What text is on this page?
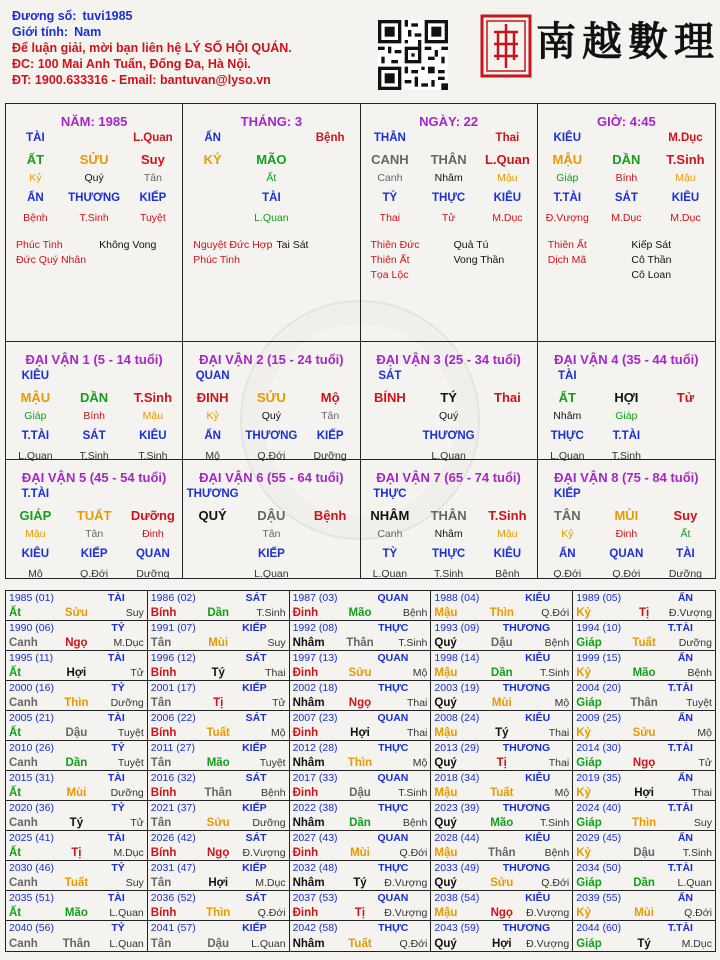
Đương số: tuvi1985
Giới tính: Nam
Để luận giải, mời bạn liên hệ LÝ SỐ HỘI QUÁN.
ĐC: 100 Mai Anh Tuấn, Đống Đa, Hà Nội.
ĐT: 1900.633316 - Email: bantuvan@lyso.vn
南越數理
NĂM: 1985
TÀI	L.Quan
ẤT	SỬU	Suy
Kỷ	Quý	Tân
ẤN	THƯƠNG	KIẾP
Bệnh	T.Sinh	Tuyệt
Phúc Tinh
Đức Quý Nhân
Không Vong
THÁNG: 3
ẤN	Bệnh
KỶ	MÃO
Ất
TÀI
L.Quan
Nguyệt Đức Hợp
Phúc Tinh
Tai Sát
NGÀY: 22
THÂN	Thai
CANH	THÂN	L.Quan
Canh	Nhâm	Mậu
TỲ	THỰC	KIÊU
Thai	Tử	M.Dục
Thiên Đức
Thiên Ất
Tọa Lộc
Quả Tú
Vong Thần
GIỜ: 4:45
KIÊU	M.Dục
MẬU	DẦN	T.Sinh
Giáp	Bính	Mậu
T.TÀI	SÁT	KIÊU
Đ.Vượng	M.Dục	M.Dục
Thiên Ất
Dịch Mã
Kiếp Sát
Cô Thần
Cô Loan
ĐẠI VẬN 1 (5 - 14 tuổi)
KIÊU
MẬU	DẦN	T.Sinh
Giáp	Bính	Mậu
T.TÀI	SÁT	KIÊU
L.Quan	T.Sinh	T.Sinh
ĐẠI VẬN 2 (15 - 24 tuổi)
QUAN
ĐINH	SỬU	Mộ
Kỷ	Quý	Tân
ẤN	THƯƠNG	KIẾP
Mộ	Q.Đới	Dưỡng
ĐẠI VẬN 3 (25 - 34 tuổi)
SÁT
BÍNH	TÝ	Thai
Quý
THƯƠNG
L.Quan
ĐẠI VẬN 4 (35 - 44 tuổi)
TÀI
ẤT	HỢI	Tử
Nhâm	Giáp
THỰC	T.TÀI
L.Quan	T.Sinh
ĐẠI VẬN 5 (45 - 54 tuổi)
T.TÀI
GIÁP	TUẤT	Dưỡng
Mậu	Tân	Đinh
KIÊU	KIẾP	QUAN
Mộ	Q.Đới	Dưỡng
ĐẠI VẬN 6 (55 - 64 tuổi)
THƯƠNG
QUÝ	DẬU	Bệnh
Tân
KIẾP
L.Quan
ĐẠI VẬN 7 (65 - 74 tuổi)
THỰC
NHÂM	THÂN	T.Sinh
Canh	Nhâm	Mậu
TỲ	THỰC	KIÊU
L.Quan	T.Sinh	Bệnh
ĐẠI VẬN 8 (75 - 84 tuổi)
KIẾP
TÂN	MÙI	Suy
Kỷ	Đinh	Ất
ẤN	QUAN	TÀI
Q.Đới	Q.Đới	Dưỡng
1985 (01)	TÀI
Ất	Sửu	Suy
1986 (02)	SÁT
Bính	Dần	T.Sinh
1987 (03)	QUAN
Đinh	Mão	Bệnh
1988 (04)	KIÊU
Mậu	Thìn	Q.Đới
1989 (05)	ẤN
Kỷ	Tị	Đ.Vượng
1990 (06)	TỶ
Canh	Ngọ	M.Dục
1991 (07)	KIẾP
Tân	Mùi	Suy
1992 (08)	THỰC
Nhâm	Thân	T.Sinh
1993 (09) THƯƠNG
Quý	Dậu	Bệnh
1994 (10)	T.TÀI
Giáp	Tuất	Dưỡng
1995 (11)	TÀI
Ất	Hợi	Tử
1996 (12)	SÁT
Bính	Tý	Thai
1997 (13)	QUAN
Đinh	Sửu	Mộ
1998 (14)	KIÊU
Mậu	Dần	T.Sinh
1999 (15)	ẤN
Kỷ	Mão	Bệnh
2000 (16)	TỶ
Canh	Thìn	Dưỡng
2001 (17)	KIẾP
Tân	Tị	Tử
2002 (18)	THỰC
Nhâm	Ngọ	Thai
2003 (19) THƯƠNG
Quý	Mùi	Mộ
2004 (20)	T.TÀI
Giáp	Thân	Tuyệt
2005 (21)	TÀI
Ất	Dậu	Tuyệt
2006 (22)	SÁT
Bính	Tuất	Mộ
2007 (23)	QUAN
Đinh	Hợi	Thai
2008 (24)	KIÊU
Mậu	Tý	Thai
2009 (25)	ẤN
Kỷ	Sửu	Mộ
2010 (26)	TỶ
Canh	Dần	Tuyệt
2011 (27)	KIẾP
Tân	Mão	Tuyệt
2012 (28)	THỰC
Nhâm	Thìn	Mộ
2013 (29) THƯƠNG
Quý	Tị	Thai
2014 (30)	T.TÀI
Giáp	Ngọ	Tử
2015 (31)	TÀI
Ất	Mùi	Dưỡng
2016 (32)	SÁT
Bính	Thân	Bệnh
2017 (33)	QUAN
Đinh	Dậu	T.Sinh
2018 (34)	KIÊU
Mậu	Tuất	Mộ
2019 (35)	ẤN
Kỷ	Hợi	Thai
2020 (36)	TỶ
Canh	Tý	Tử
2021 (37)	KIẾP
Tân	Sửu	Dưỡng
2022 (38)	THỰC
Nhâm	Dần	Bệnh
2023 (39) THƯƠNG
Quý	Mão	T.Sinh
2024 (40)	T.TÀI
Giáp	Thìn	Suy
2025 (41)	TÀI
Ất	Tị	M.Dục
2026 (42)	SÁT
Bính	Ngọ	Đ.Vượng
2027 (43)	QUAN
Đinh	Mùi	Q.Đới
2028 (44)	KIÊU
Mậu	Thân	Bệnh
2029 (45)	ẤN
Kỷ	Dậu	T.Sinh
2030 (46)	TỶ
Canh	Tuất	Suy
2031 (47)	KIẾP
Tân	Hợi	M.Dục
2032 (48)	THỰC
Nhâm	Tý	Đ.Vượng
2033 (49) THƯƠNG
Quý	Sửu	Q.Đới
2034 (50)	T.TÀI
Giáp	Dần	L.Quan
2035 (51)	TÀI
Ất	Mão	L.Quan
2036 (52)	SÁT
Bính	Thìn	Q.Đới
2037 (53)	QUAN
Đinh	Tị	Đ.Vượng
2038 (54)	KIÊU
Mậu	Ngọ	Đ.Vượng
2039 (55)	ẤN
Kỷ	Mùi	Q.Đới
2040 (56)	TỶ
Canh	Thân	L.Quan
2041 (57)	KIẾP
Tân	Dậu	L.Quan
2042 (58)	THỰC
Nhâm	Tuất	Q.Đới
2043 (59) THƯƠNG
Quý	Hợi	Đ.Vượng
2044 (60)	T.TÀI
Giáp	Tý	M.Dục
